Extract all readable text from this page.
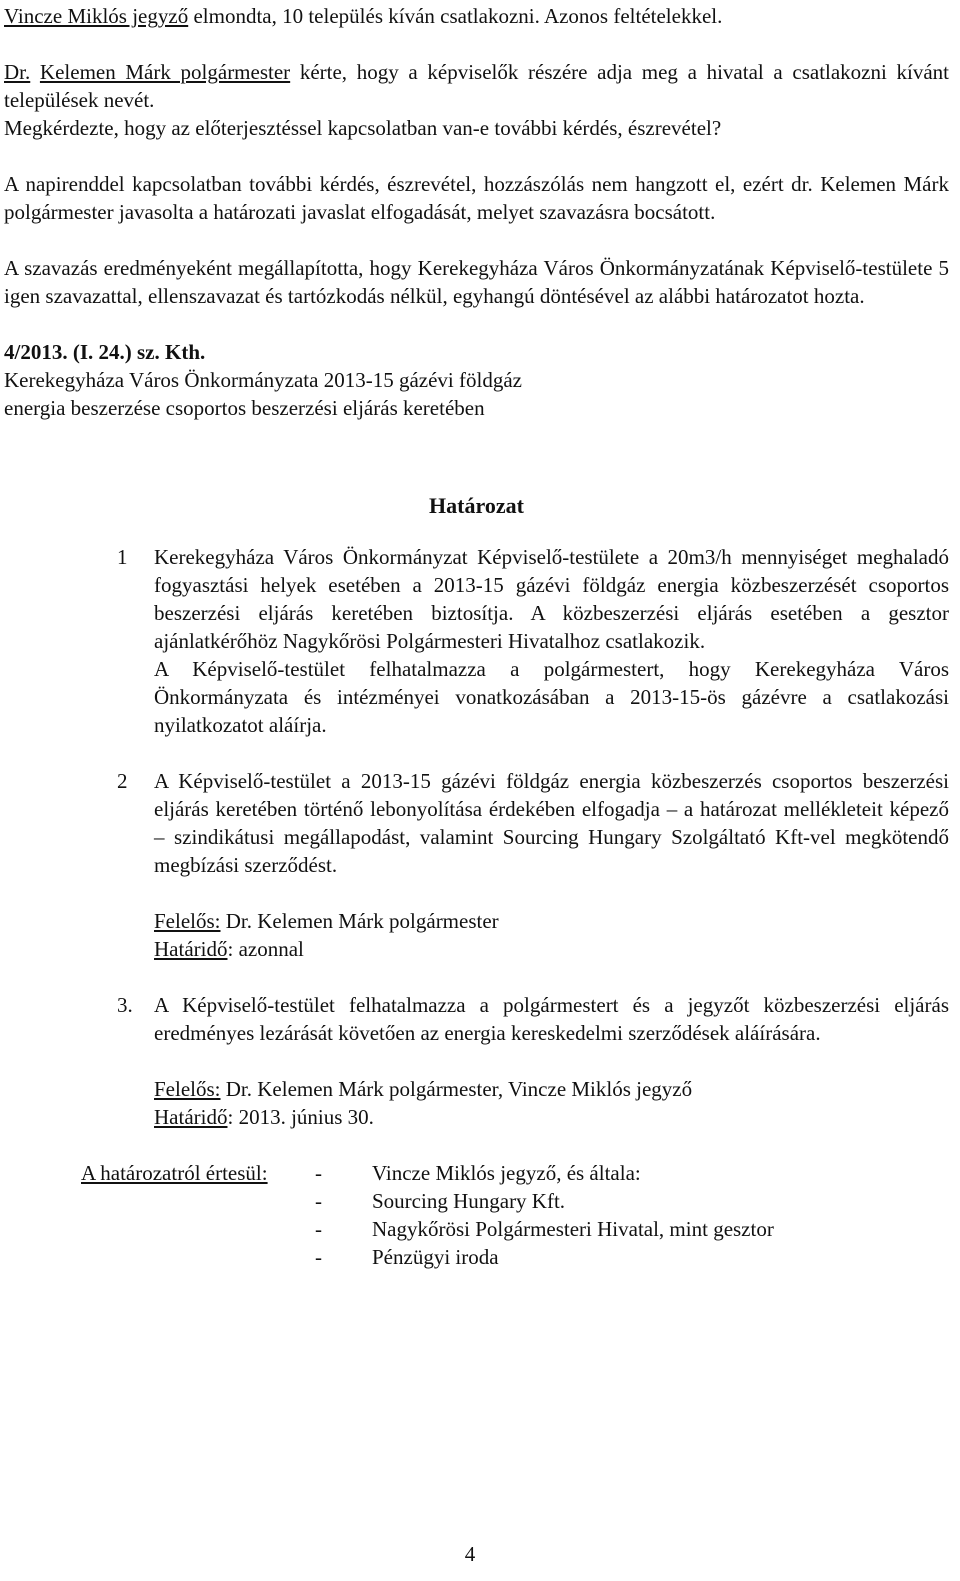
Vincze Miklós jegyző elmondta, 10 település kíván csatlakozni. Azonos feltételekkel.

Dr. Kelemen Márk polgármester kérte, hogy a képviselők részére adja meg a hivatal a csatlakozni kívánt települések nevét.

Megkérdezte, hogy az előterjesztéssel kapcsolatban van-e további kérdés, észrevétel?

A napirenddel kapcsolatban további kérdés, észrevétel, hozzászólás nem hangzott el, ezért dr. Kelemen Márk polgármester javasolta a határozati javaslat elfogadását, melyet szavazásra bocsátott.

A szavazás eredményeként megállapította, hogy Kerekegyháza Város Önkormányzatának Képviselő-testülete 5 igen szavazattal, ellenszavazat és tartózkodás nélkül, egyhangú döntésével az alábbi határozatot hozta.

4/2013. (I. 24.) sz. Kth.

Kerekegyháza Város Önkormányzata 2013-15 gázévi földgáz

energia beszerzése csoportos beszerzési eljárás keretében

Határozat

1 Kerekegyháza Város Önkormányzat Képviselő-testülete a 20m3/h mennyiséget meghaladó fogyasztási helyek esetében a 2013-15 gázévi földgáz energia közbeszerzését csoportos beszerzési eljárás keretében biztosítja. A közbeszerzési eljárás esetében a gesztor ajánlatkérőhöz Nagykőrösi Polgármesteri Hivatalhoz csatlakozik.

A Képviselő-testület felhatalmazza a polgármestert, hogy Kerekegyháza Város Önkormányzata és intézményei vonatkozásában a 2013-15-ös gázévre a csatlakozási nyilatkozatot aláírja.

2 A Képviselő-testület a 2013-15 gázévi földgáz energia közbeszerzés csoportos beszerzési eljárás keretében történő lebonyolítása érdekében elfogadja – a határozat mellékleteit képező – szindikátusi megállapodást, valamint Sourcing Hungary Szolgáltató Kft-vel megkötendő megbízási szerződést.

Felelős: Dr. Kelemen Márk polgármester

Határidő: azonnal

3. A Képviselő-testület felhatalmazza a polgármestert és a jegyzőt közbeszerzési eljárás eredményes lezárását követően az energia kereskedelmi szerződések aláírására.

Felelős: Dr. Kelemen Márk polgármester, Vincze Miklós jegyző

Határidő: 2013. június 30.

A határozatról értesül: - Vincze Miklós jegyző, és általa:
- Sourcing Hungary Kft.
- Nagykőrösi Polgármesteri Hivatal, mint gesztor
- Pénzügyi iroda
4
